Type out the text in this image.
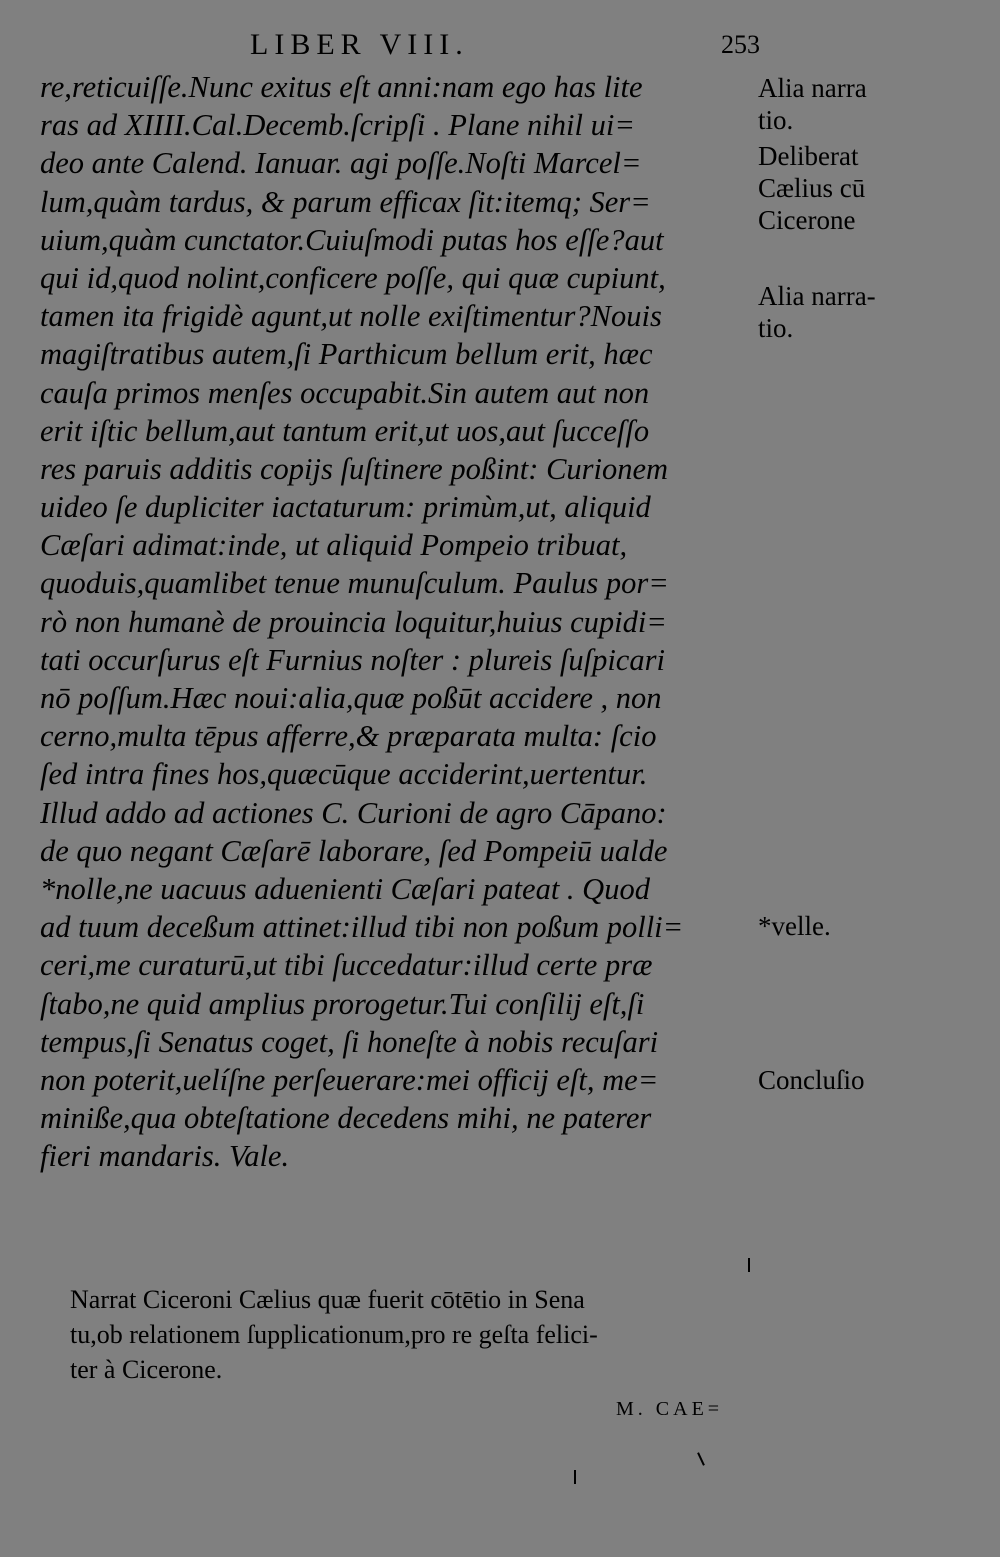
LIBER VIII.	253
re,reticuiſſe.Nunc exitus eſt anni:nam ego has lite
ras ad XIIII.Cal.Decemb.ſcripſi . Plane nihil ui=
deo ante Calend. Ianuar. agi poſſe.Noſti Marcel=
lum,quàm tardus, & parum efficax ſit:itemq; Ser=
uium,quàm cunctator.Cuiuſmodi putas hos eſſe?aut
qui id,quod nolint,conficere poſſe, qui quæ cupiunt,
tamen ita frigidè agunt,ut nolle exiſtimentur?Nouis
magiſtratibus autem,ſi Parthicum bellum erit, hæc
cauſa primos menſes occupabit.Sin autem aut non
erit iſtic bellum,aut tantum erit,ut uos,aut ſucceſſo
res paruis additis copijs ſuſtinere poßint: Curionem
uideo ſe dupliciter iactaturum: primùm,ut, aliquid
Cæſari adimat:inde, ut aliquid Pompeio tribuat,
quoduis,quamlibet tenue munuſculum. Paulus por=
rò non humanè de prouincia loquitur,huius cupidi=
tati occurſurus eſt Furnius noſter : plureis ſuſpicari
nō poſſum.Hæc noui:alia,quæ poßūt accidere , non
cerno,multa tēpus afferre,& præparata multa: ſcio
ſed intra fines hos,quæcūque acciderint,uertentur.
Illud addo ad actiones C. Curioni de agro Cāpano:
de quo negant Cæſarē laborare, ſed Pompeiū ualde
*nolle,ne uacuus aduenienti Cæſari pateat . Quod
ad tuum deceßum attinet:illud tibi non poßum polli=
ceri,me curaturū,ut tibi ſuccedatur:illud certe præ
ſtabo,ne quid amplius prorogetur.Tui conſilij eſt,ſi
tempus,ſi Senatus coget, ſi honeſte à nobis recuſari
non poterit,uelíſne perſeuerare:mei officij eſt, me=
miniße,qua obteſtatione decedens mihi, ne paterer
fieri mandaris. Vale.
Alia narra
tio.
Deliberat
Cælius cū
Cicerone
Alia narra-
tio.
*velle.
Concluſio
Narrat Ciceroni Cælius quæ fuerit cōtētio in Sena
tu,ob relationem ſupplicationum,pro re geſta felici-
ter à Cicerone.
M. CAE=
